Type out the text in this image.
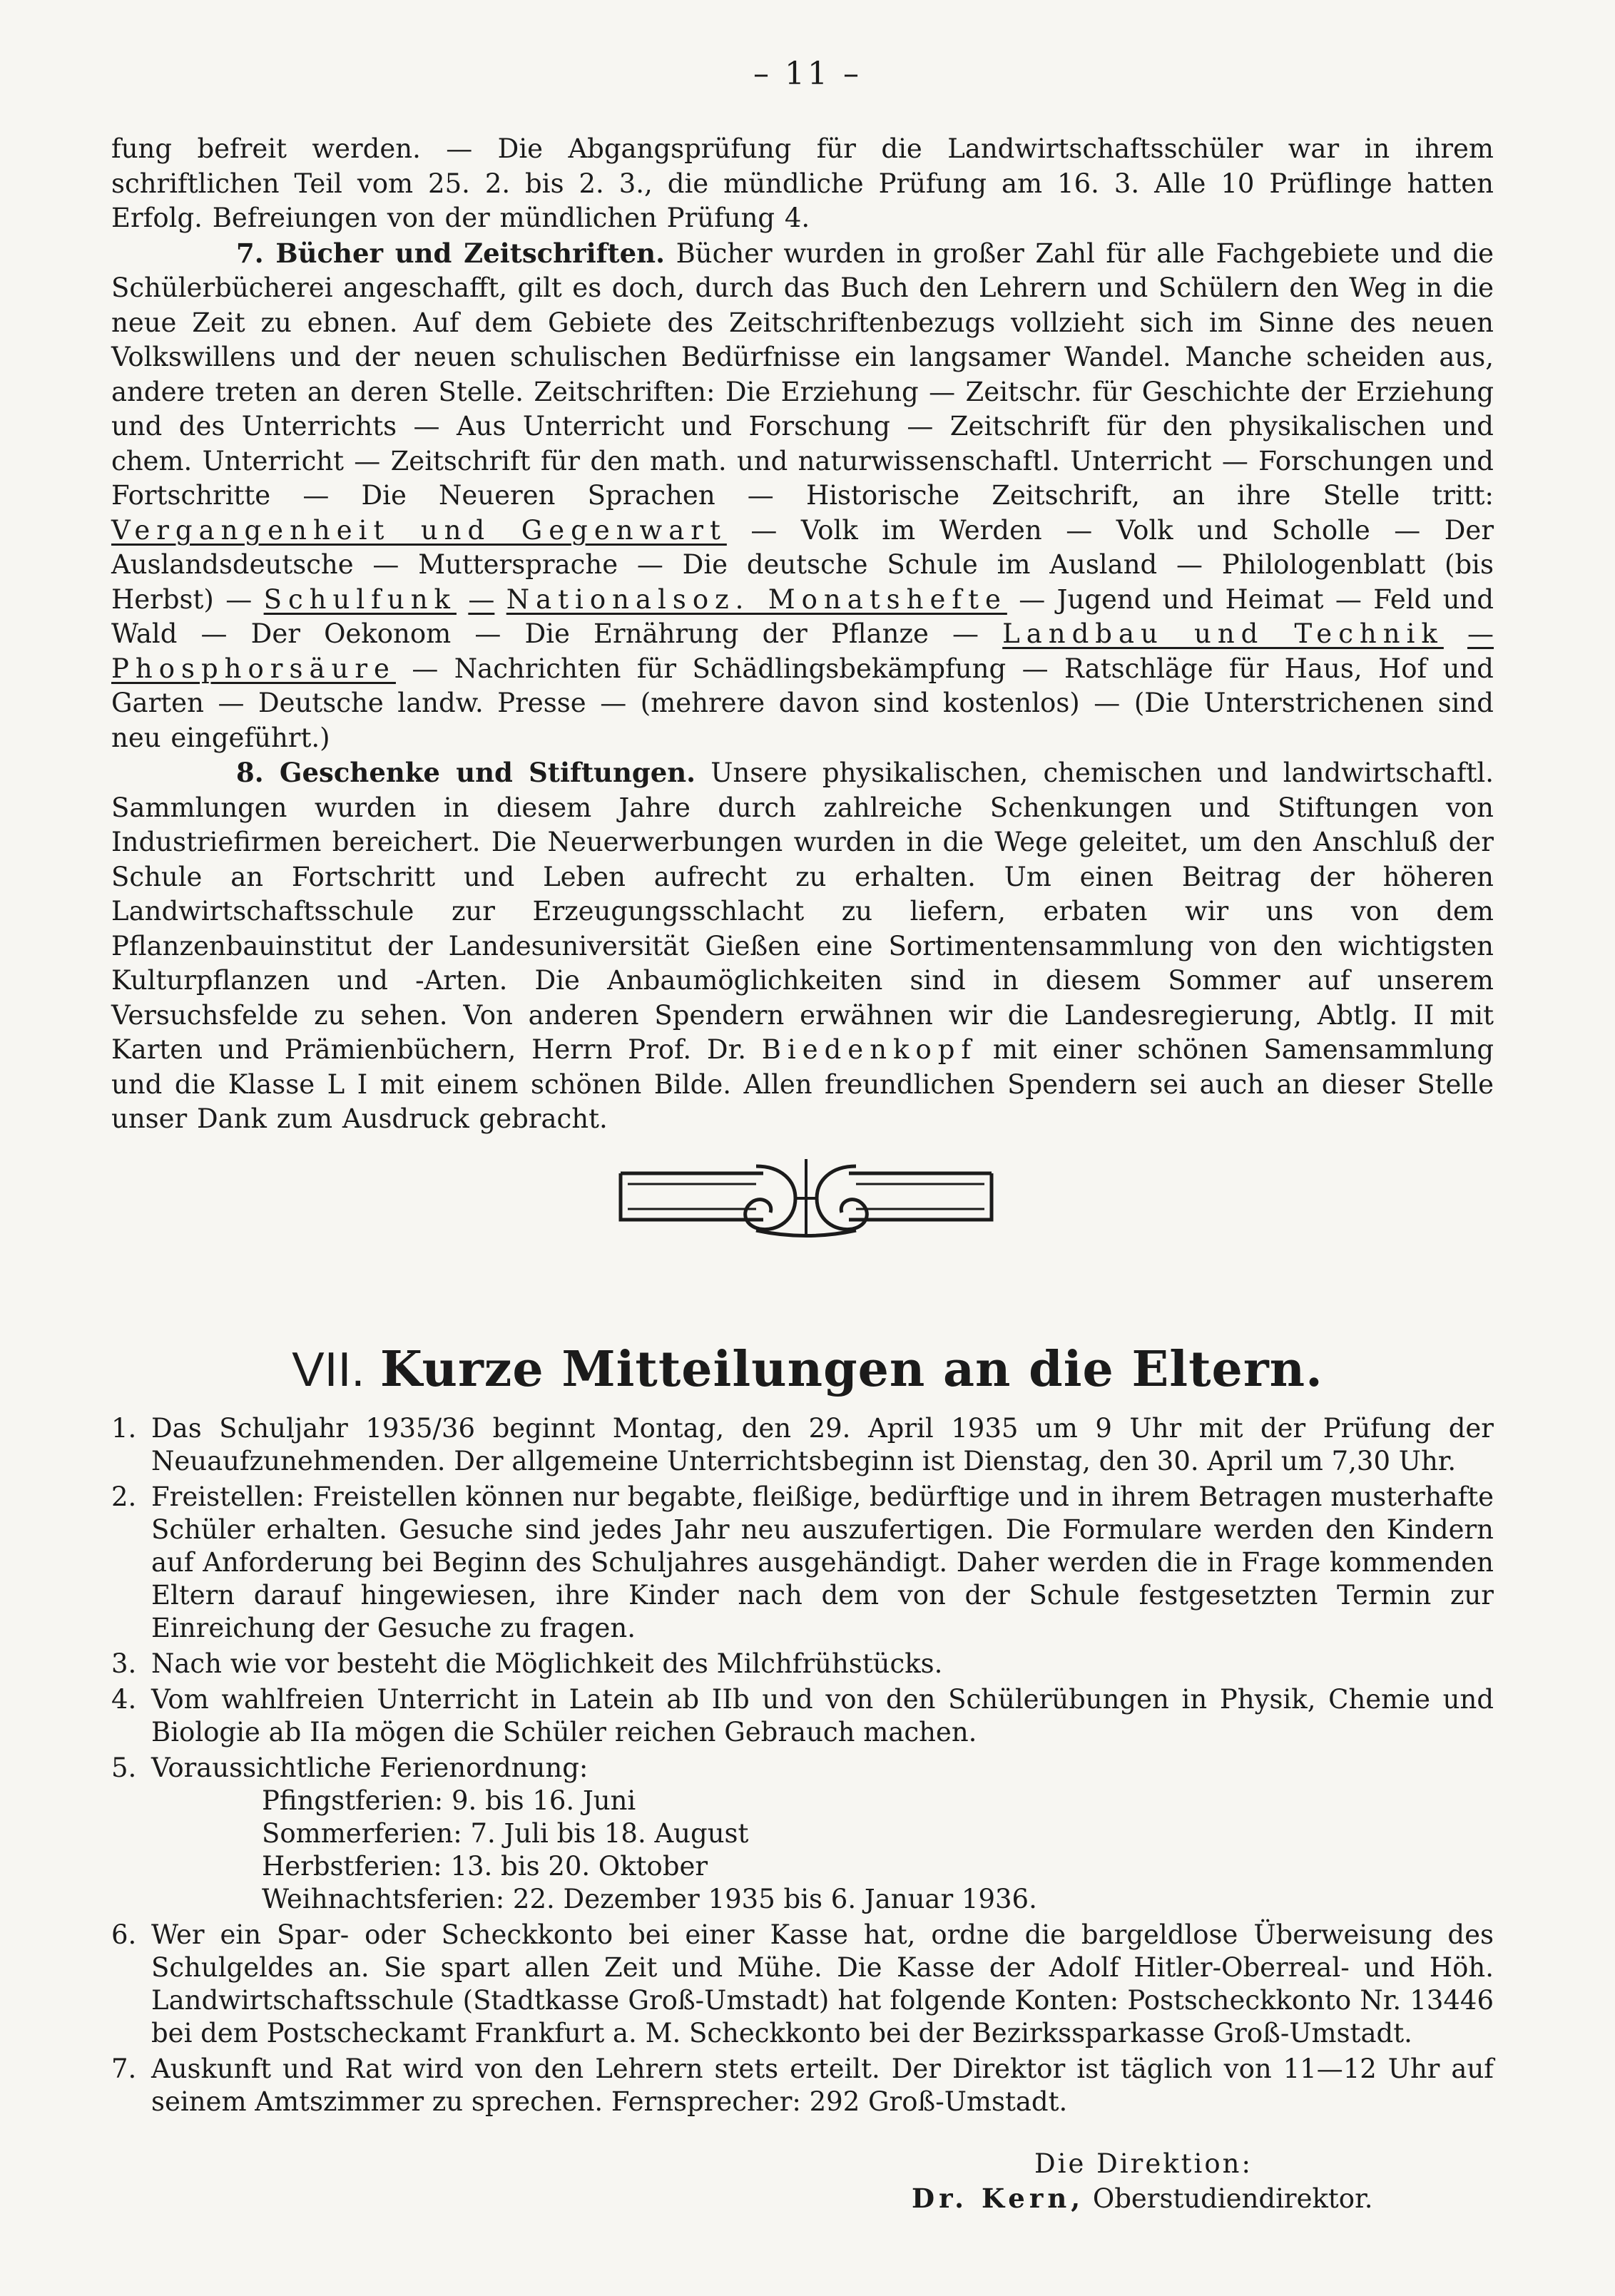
– 11 –

fung befreit werden. — Die Abgangsprüfung für die Landwirtschaftsschüler war in ihrem schriftlichen Teil vom 25. 2. bis 2. 3., die mündliche Prüfung am 16. 3. Alle 10 Prüflinge hatten Erfolg. Befreiungen von der mündlichen Prüfung 4.

7. Bücher und Zeitschriften. Bücher wurden in großer Zahl für alle Fachgebiete und die Schülerbücherei angeschafft, gilt es doch, durch das Buch den Lehrern und Schülern den Weg in die neue Zeit zu ebnen. Auf dem Gebiete des Zeitschriftenbezugs vollzieht sich im Sinne des neuen Volkswillens und der neuen schulischen Bedürfnisse ein langsamer Wandel. Manche scheiden aus, andere treten an deren Stelle. Zeitschriften: Die Erziehung — Zeitschr. für Geschichte der Erziehung und des Unterrichts — Aus Unterricht und Forschung — Zeitschrift für den physikalischen und chem. Unterricht — Zeitschrift für den math. und naturwissenschaftl. Unterricht — Forschungen und Fortschritte — Die Neueren Sprachen — Historische Zeitschrift, an ihre Stelle tritt: Vergangenheit und Gegenwart — Volk im Werden — Volk und Scholle — Der Auslandsdeutsche — Muttersprache — Die deutsche Schule im Ausland — Philologenblatt (bis Herbst) — Schulfunk — Nationalsoz. Monatshefte — Jugend und Heimat — Feld und Wald — Der Oekonom — Die Ernährung der Pflanze — Landbau und Technik — Phosphorsäure — Nachrichten für Schädlingsbekämpfung — Ratschläge für Haus, Hof und Garten — Deutsche landw. Presse — (mehrere davon sind kostenlos) — (Die Unterstrichenen sind neu eingeführt.)

8. Geschenke und Stiftungen. Unsere physikalischen, chemischen und landwirtschaftl. Sammlungen wurden in diesem Jahre durch zahlreiche Schenkungen und Stiftungen von Industriefirmen bereichert. Die Neuerwerbungen wurden in die Wege geleitet, um den Anschluß der Schule an Fortschritt und Leben aufrecht zu erhalten. Um einen Beitrag der höheren Landwirtschaftsschule zur Erzeugungsschlacht zu liefern, erbaten wir uns von dem Pflanzenbauinstitut der Landesuniversität Gießen eine Sortimentensammlung von den wichtigsten Kulturpflanzen und -Arten. Die Anbaumöglichkeiten sind in diesem Sommer auf unserem Versuchsfelde zu sehen. Von anderen Spendern erwähnen wir die Landesregierung, Abtlg. II mit Karten und Prämienbüchern, Herrn Prof. Dr. Biedenkopf mit einer schönen Samensammlung und die Klasse L I mit einem schönen Bilde. Allen freundlichen Spendern sei auch an dieser Stelle unser Dank zum Ausdruck gebracht.

VII. Kurze Mitteilungen an die Eltern.
1. Das Schuljahr 1935/36 beginnt Montag, den 29. April 1935 um 9 Uhr mit der Prüfung der Neuaufzunehmenden. Der allgemeine Unterrichtsbeginn ist Dienstag, den 30. April um 7,30 Uhr.
2. Freistellen: Freistellen können nur begabte, fleißige, bedürftige und in ihrem Betragen musterhafte Schüler erhalten. Gesuche sind jedes Jahr neu auszufertigen. Die Formulare werden den Kindern auf Anforderung bei Beginn des Schuljahres ausgehändigt. Daher werden die in Frage kommenden Eltern darauf hingewiesen, ihre Kinder nach dem von der Schule festgesetzten Termin zur Einreichung der Gesuche zu fragen.
3. Nach wie vor besteht die Möglichkeit des Milchfrühstücks.
4. Vom wahlfreien Unterricht in Latein ab IIb und von den Schülerübungen in Physik, Chemie und Biologie ab IIa mögen die Schüler reichen Gebrauch machen.
5. Voraussichtliche Ferienordnung:
Pfingstferien: 9. bis 16. Juni
Sommerferien: 7. Juli bis 18. August
Herbstferien: 13. bis 20. Oktober
Weihnachtsferien: 22. Dezember 1935 bis 6. Januar 1936.
6. Wer ein Spar- oder Scheckkonto bei einer Kasse hat, ordne die bargeldlose Überweisung des Schulgeldes an. Sie spart allen Zeit und Mühe. Die Kasse der Adolf Hitler-Oberreal- und Höh. Landwirtschaftsschule (Stadtkasse Groß-Umstadt) hat folgende Konten: Postscheckkonto Nr. 13446 bei dem Postscheckamt Frankfurt a. M. Scheckkonto bei der Bezirkssparkasse Groß-Umstadt.
7. Auskunft und Rat wird von den Lehrern stets erteilt. Der Direktor ist täglich von 11—12 Uhr auf seinem Amtszimmer zu sprechen. Fernsprecher: 292 Groß-Umstadt.
Die Direktion:
Dr. Kern, Oberstudiendirektor.
